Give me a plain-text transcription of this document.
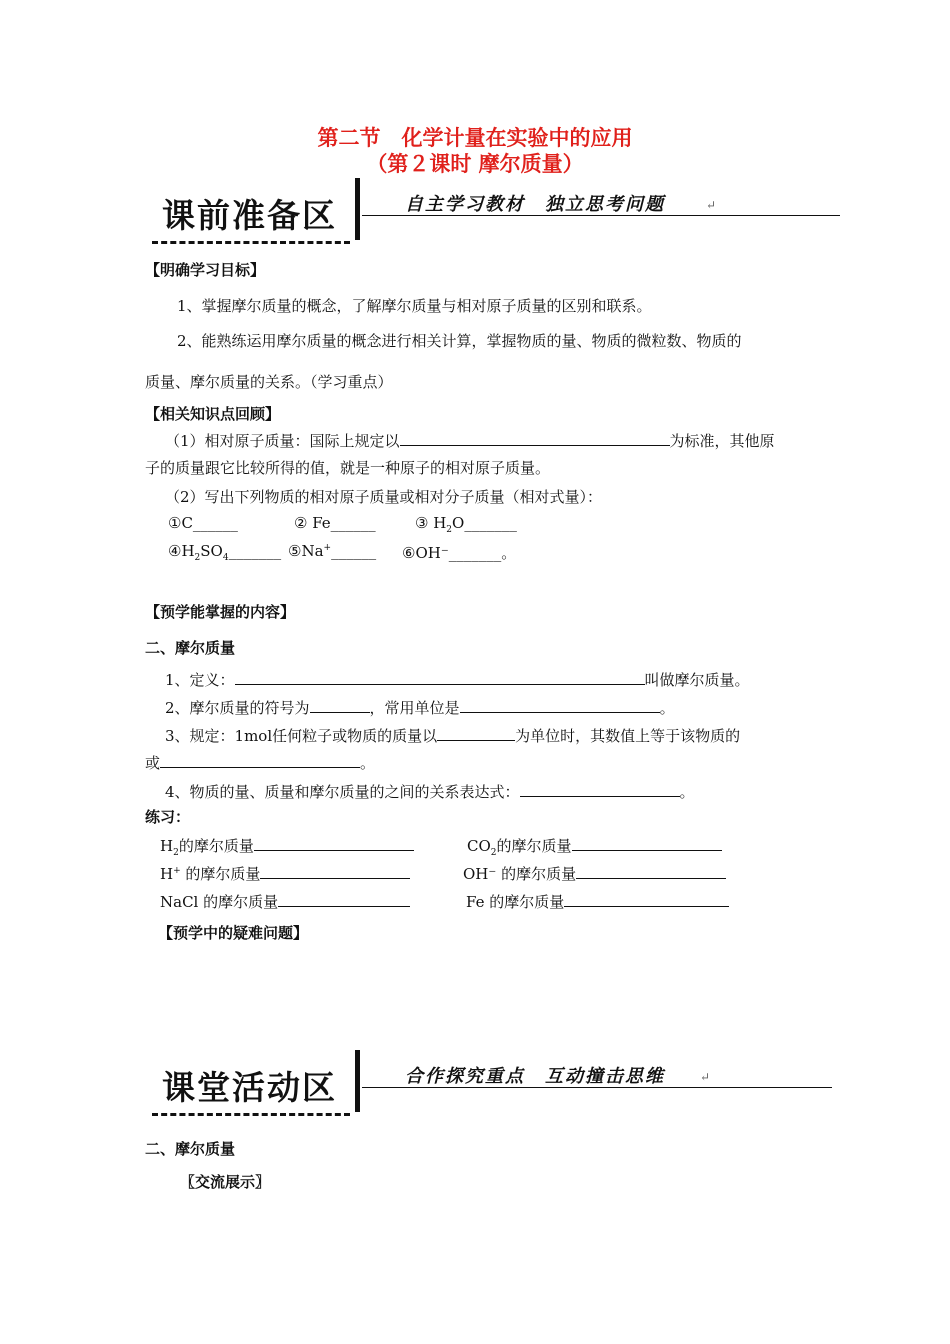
第二节　化学计量在实验中的应用
（第２课时 摩尔质量）
课前准备区	自主学习教材　独立思考问题	↵
【明确学习目标】
1、掌握摩尔质量的概念，了解摩尔质量与相对原子质量的区别和联系。
2、能熟练运用摩尔质量的概念进行相关计算，掌握物质的量、物质的微粒数、物质的
质量、摩尔质量的关系。（学习重点）
【相关知识点回顾】
（1）相对原子质量：国际上规定以	为标准，其他原
子的质量跟它比较所得的值，就是一种原子的相对原子质量。
（2）写出下列物质的相对原子质量或相对分子质量（相对式量）：
①C______	② Fe______	③ $H_2O\_\_\_\_\_\_\_$
$④H_2SO_4\_\_\_\_\_\_\_$ ⑤Na+______ ⑥OH⁻_______。
【预学能掌握的内容】
二、摩尔质量
1、定义：	叫做摩尔质量。
2、摩尔质量的符号为	，常用单位是	。
3、规定：1mol任何粒子或物质的质量以	为单位时，其数值上等于该物质的
或	。
4、物质的量、质量和摩尔质量的之间的关系表达式：	。
练习：
$H_2$的摩尔质量	$CO_2$的摩尔质量
H+ 的摩尔质量	OH⁻ 的摩尔质量
NaCl 的摩尔质量	Fe 的摩尔质量
【预学中的疑难问题】
课堂活动区	合作探究重点　互动撞击思维	↵
二、摩尔质量
〖交流展示〗
